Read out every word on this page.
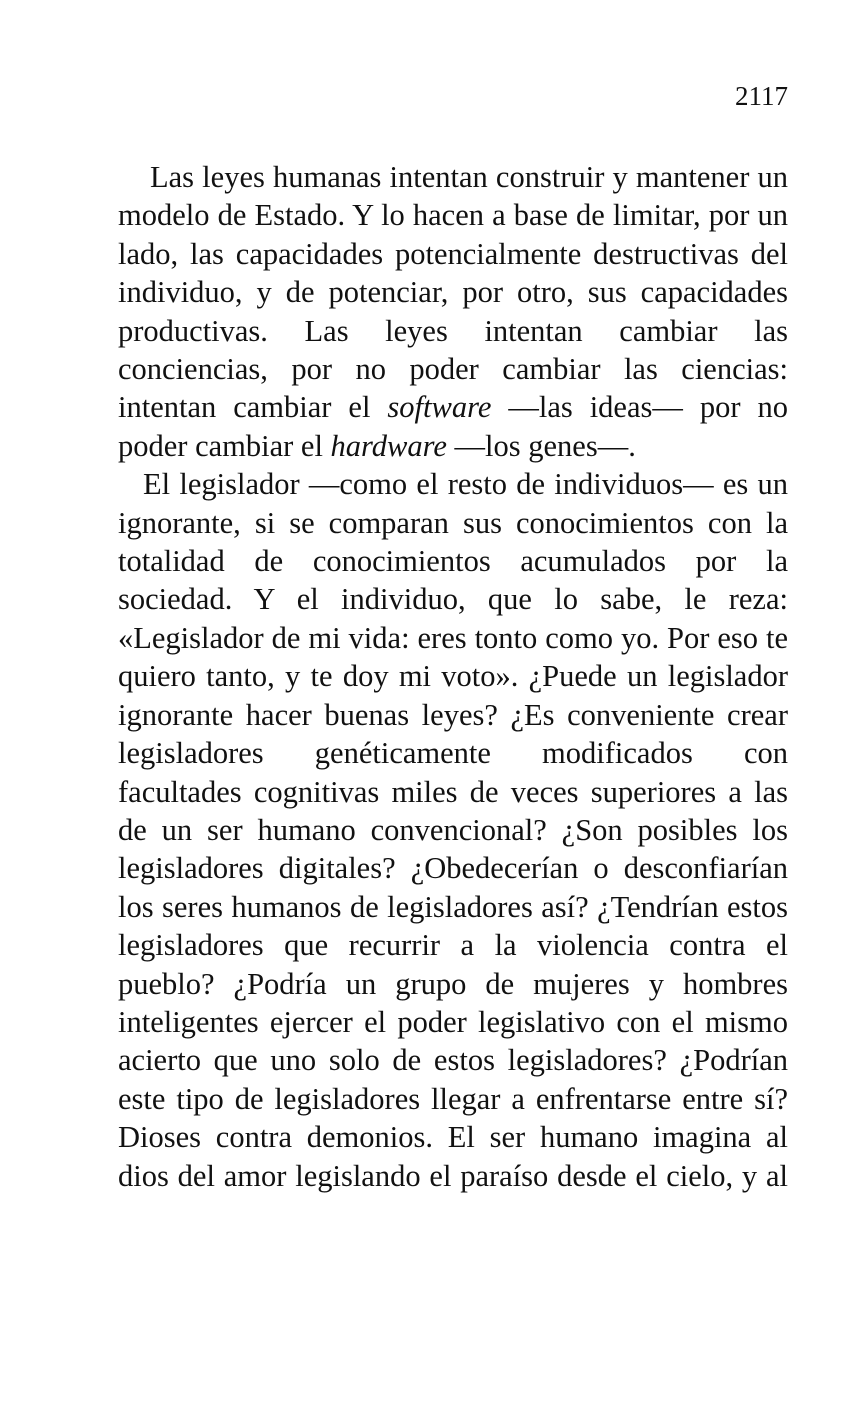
2117

Las leyes humanas intentan construir y mantener un modelo de Estado. Y lo hacen a base de limitar, por un lado, las capacidades potencialmente destructivas del individuo, y de potenciar, por otro, sus capacidades productivas. Las leyes intentan cambiar las conciencias, por no poder cambiar las ciencias: intentan cambiar el software —las ideas— por no poder cambiar el hardware —los genes—.

El legislador —como el resto de individuos— es un ignorante, si se comparan sus conocimientos con la totalidad de conocimientos acumulados por la sociedad. Y el individuo, que lo sabe, le reza: «Legislador de mi vida: eres tonto como yo. Por eso te quiero tanto, y te doy mi voto». ¿Puede un legislador ignorante hacer buenas leyes? ¿Es conveniente crear legisladores genéticamente modificados con facultades cognitivas miles de veces superiores a las de un ser humano convencional? ¿Son posibles los legisladores digitales? ¿Obedecerían o desconfiarían los seres humanos de legisladores así? ¿Tendrían estos legisladores que recurrir a la violencia contra el pueblo? ¿Podría un grupo de mujeres y hombres inteligentes ejercer el poder legislativo con el mismo acierto que uno solo de estos legisladores? ¿Podrían este tipo de legisladores llegar a enfrentarse entre sí? Dioses contra demonios. El ser humano imagina al dios del amor legislando el paraíso desde el cielo, y al
